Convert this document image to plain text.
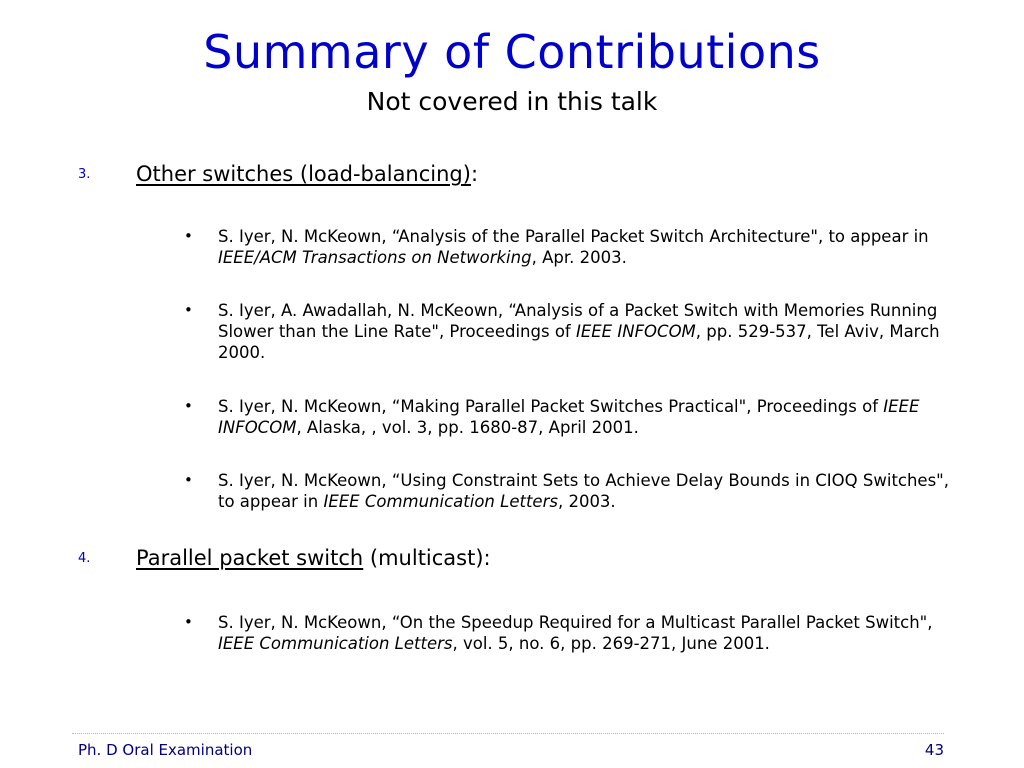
Summary of Contributions
Not covered in this talk
3. Other switches (load-balancing):
• S. Iyer, N. McKeown, “Analysis of the Parallel Packet Switch Architecture", to appear in IEEE/ACM Transactions on Networking, Apr. 2003.
• S. Iyer, A. Awadallah, N. McKeown, “Analysis of a Packet Switch with Memories Running Slower than the Line Rate", Proceedings of IEEE INFOCOM, pp. 529-537, Tel Aviv, March 2000.
• S. Iyer, N. McKeown, “Making Parallel Packet Switches Practical", Proceedings of IEEE INFOCOM, Alaska, , vol. 3, pp. 1680-87, April 2001.
• S. Iyer, N. McKeown, “Using Constraint Sets to Achieve Delay Bounds in CIOQ Switches", to appear in IEEE Communication Letters, 2003.
4. Parallel packet switch (multicast):
• S. Iyer, N. McKeown, “On the Speedup Required for a Multicast Parallel Packet Switch", IEEE Communication Letters, vol. 5, no. 6, pp. 269-271, June 2001.
Ph. D Oral Examination	43
